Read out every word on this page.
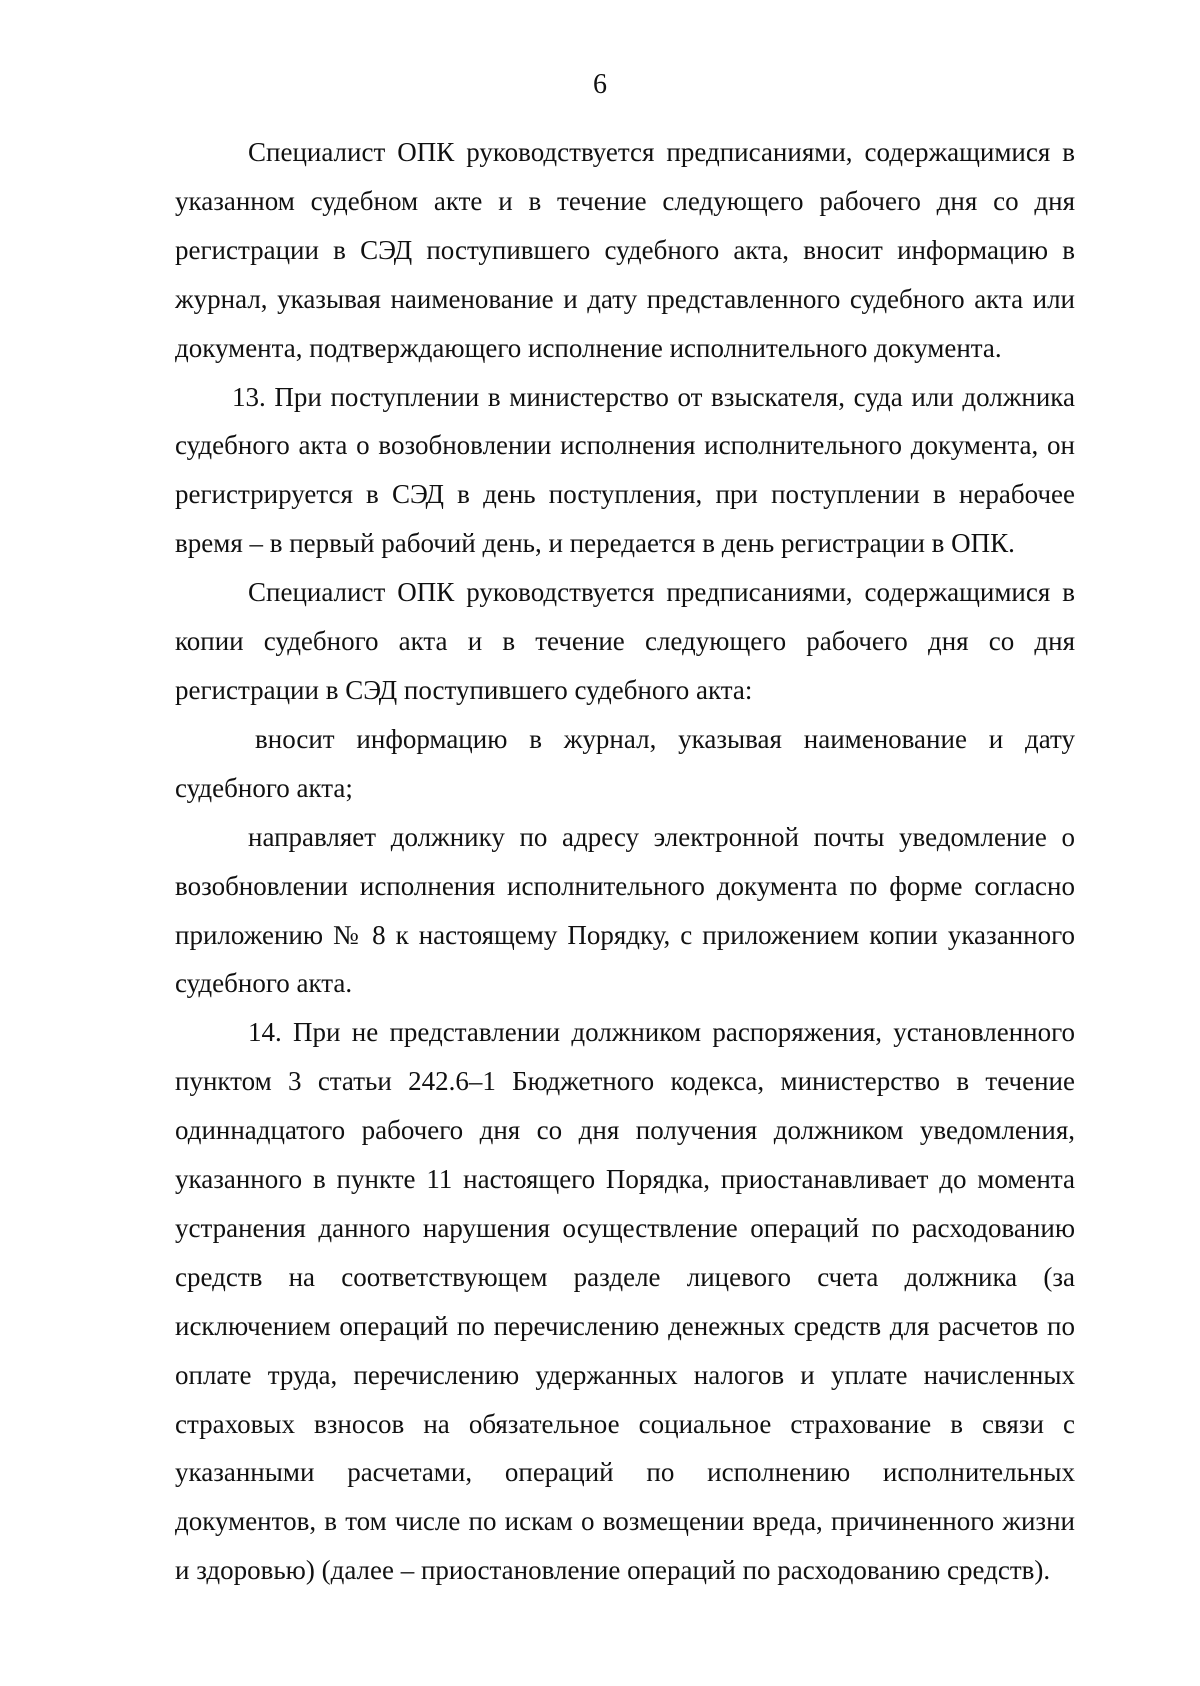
6

Специалист ОПК руководствуется предписаниями, содержащимися в указанном судебном акте и в течение следующего рабочего дня со дня регистрации в СЭД поступившего судебного акта, вносит информацию в журнал, указывая наименование и дату представленного судебного акта или документа, подтверждающего исполнение исполнительного документа.

13. При поступлении в министерство от взыскателя, суда или должника судебного акта о возобновлении исполнения исполнительного документа, он регистрируется в СЭД в день поступления, при поступлении в нерабочее время – в первый рабочий день, и передается в день регистрации в ОПК.

Специалист ОПК руководствуется предписаниями, содержащимися в копии судебного акта и в течение следующего рабочего дня со дня регистрации в СЭД поступившего судебного акта:

вносит информацию в журнал, указывая наименование и дату судебного акта;

направляет должнику по адресу электронной почты уведомление о возобновлении исполнения исполнительного документа по форме согласно приложению № 8 к настоящему Порядку, с приложением копии указанного судебного акта.

14. При не представлении должником распоряжения, установленного пунктом 3 статьи 242.6–1 Бюджетного кодекса, министерство в течение одиннадцатого рабочего дня со дня получения должником уведомления, указанного в пункте 11 настоящего Порядка, приостанавливает до момента устранения данного нарушения осуществление операций по расходованию средств на соответствующем разделе лицевого счета должника (за исключением операций по перечислению денежных средств для расчетов по оплате труда, перечислению удержанных налогов и уплате начисленных страховых взносов на обязательное социальное страхование в связи с указанными расчетами, операций по исполнению исполнительных документов, в том числе по искам о возмещении вреда, причиненного жизни и здоровью) (далее – приостановление операций по расходованию средств).
